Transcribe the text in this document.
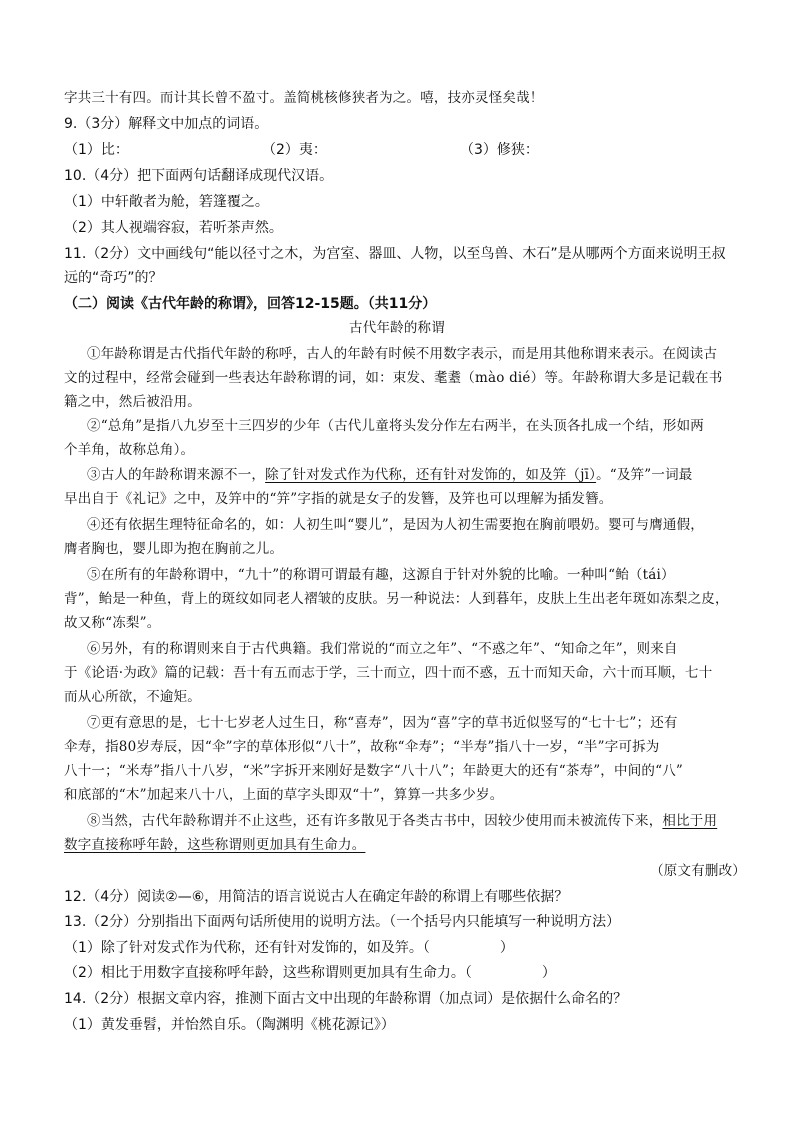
字共三十有四。而计其长曾不盈寸。盖简桃核修狭者为之。嘻，技亦灵怪矣哉！
9.（3分）解释文中加点的词语。
（1）比：	（2）夷：	（3）修狭：
10.（4分）把下面两句话翻译成现代汉语。
（1）中轩敞者为舱，箬篷覆之。
（2）其人视端容寂，若听茶声然。
11.（2分）文中画线句“能以径寸之木，为宫室、器皿、人物，以至鸟兽、木石”是从哪两个方面来说明王叔
远的“奇巧”的？
（二）阅读《古代年龄的称谓》，回答12-15题。（共11分）
古代年龄的称谓
①年龄称谓是古代指代年龄的称呼，古人的年龄有时候不用数字表示，而是用其他称谓来表示。在阅读古
文的过程中，经常会碰到一些表达年龄称谓的词，如：束发、耄耋（mào dié）等。年龄称谓大多是记载在书
籍之中，然后被沿用。
②“总角”是指八九岁至十三四岁的少年（古代儿童将头发分作左右两半，在头顶各扎成一个结，形如两
个羊角，故称总角）。
③古人的年龄称谓来源不一，除了针对发式作为代称，还有针对发饰的，如及笄（jī）。“及笄”一词最
早出自于《礼记》之中，及笄中的“笄”字指的就是女子的发簪，及笄也可以理解为插发簪。
④还有依据生理特征命名的，如：人初生叫“婴儿”，是因为人初生需要抱在胸前喂奶。婴可与膺通假，
膺者胸也，婴儿即为抱在胸前之儿。
⑤在所有的年龄称谓中，“九十”的称谓可谓最有趣，这源自于针对外貌的比喻。一种叫“鲐（tái）
背”，鲐是一种鱼，背上的斑纹如同老人褶皱的皮肤。另一种说法：人到暮年，皮肤上生出老年斑如冻梨之皮，
故又称“冻梨”。
⑥另外，有的称谓则来自于古代典籍。我们常说的“而立之年”、“不惑之年”、“知命之年”，则来自
于《论语·为政》篇的记载：吾十有五而志于学，三十而立，四十而不惑，五十而知天命，六十而耳顺，七十
而从心所欲，不逾矩。
⑦更有意思的是，七十七岁老人过生日，称“喜寿”，因为“喜”字的草书近似竖写的“七十七”；还有
伞寿，指80岁寿辰，因“伞”字的草体形似“八十”，故称“伞寿”；“半寿”指八十一岁，“半”字可拆为
八十一；“米寿”指八十八岁，“米”字拆开来刚好是数字“八十八”；年龄更大的还有“茶寿”，中间的“八”
和底部的“木”加起来八十八，上面的草字头即双“十”，算算一共多少岁。
⑧当然，古代年龄称谓并不止这些，还有许多散见于各类古书中，因较少使用而未被流传下来，相比于用
数字直接称呼年龄，这些称谓则更加具有生命力。
（原文有删改）
12.（4分）阅读②—⑥，用简洁的语言说说古人在确定年龄的称谓上有哪些依据？
13.（2分）分别指出下面两句话所使用的说明方法。（一个括号内只能填写一种说明方法）
（1）除了针对发式作为代称，还有针对发饰的，如及笄。（　　　　　）
（2）相比于用数字直接称呼年龄，这些称谓则更加具有生命力。（　　　　　）
14.（2分）根据文章内容，推测下面古文中出现的年龄称谓（加点词）是依据什么命名的？
（1）黄发垂髫，并怡然自乐。（陶渊明《桃花源记》）
